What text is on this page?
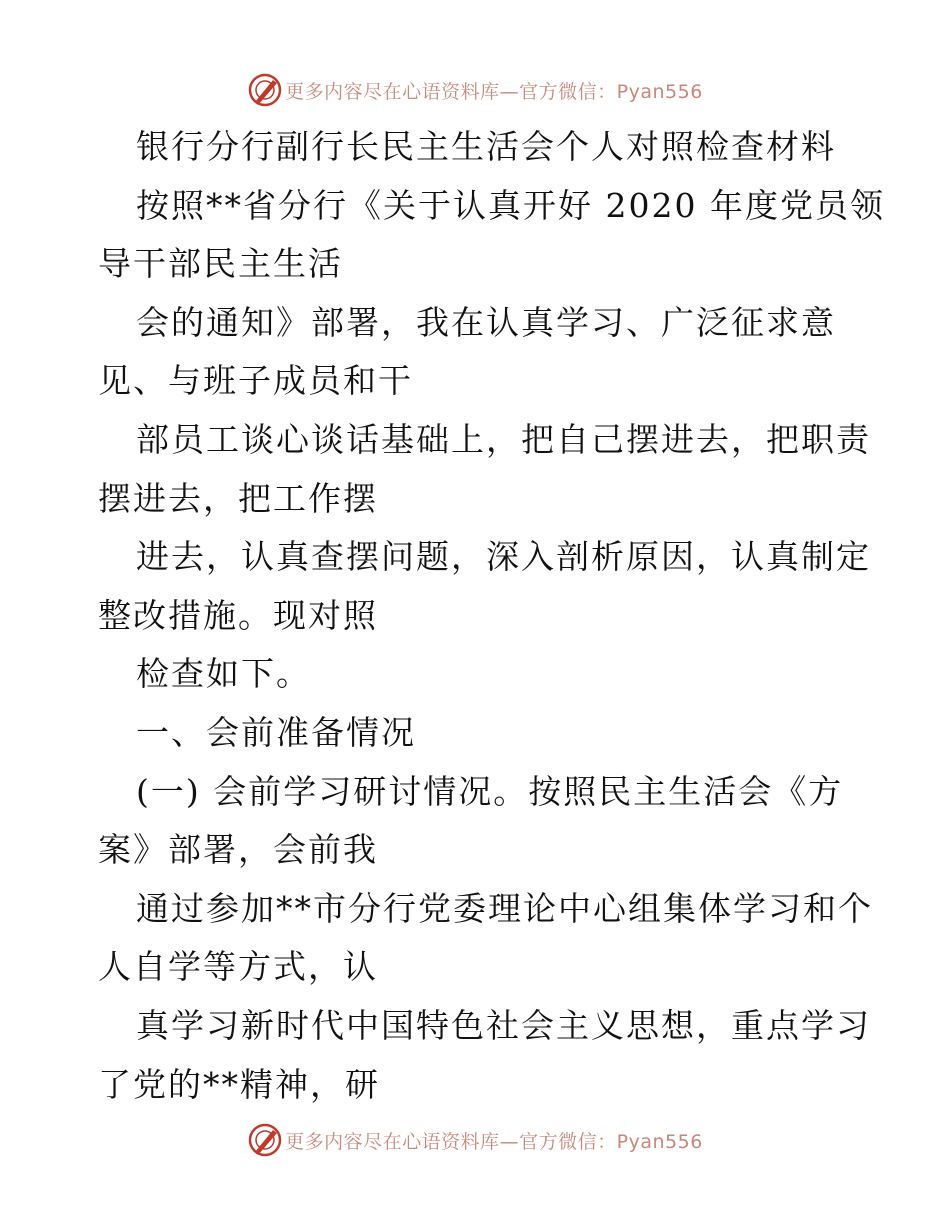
更多内容尽在心语资料库—官方微信：Pyan556
银行分行副行长民主生活会个人对照检查材料
按照**省分行《关于认真开好 2020 年度党员领
导干部民主生活
会的通知》部署，我在认真学习、广泛征求意
见、与班子成员和干
部员工谈心谈话基础上，把自己摆进去，把职责
摆进去，把工作摆
进去，认真查摆问题，深入剖析原因，认真制定
整改措施。现对照
检查如下。
一、会前准备情况
(一) 会前学习研讨情况。按照民主生活会《方
案》部署，会前我
通过参加**市分行党委理论中心组集体学习和个
人自学等方式，认
真学习新时代中国特色社会主义思想，重点学习
了党的**精神，研
更多内容尽在心语资料库—官方微信：Pyan556
